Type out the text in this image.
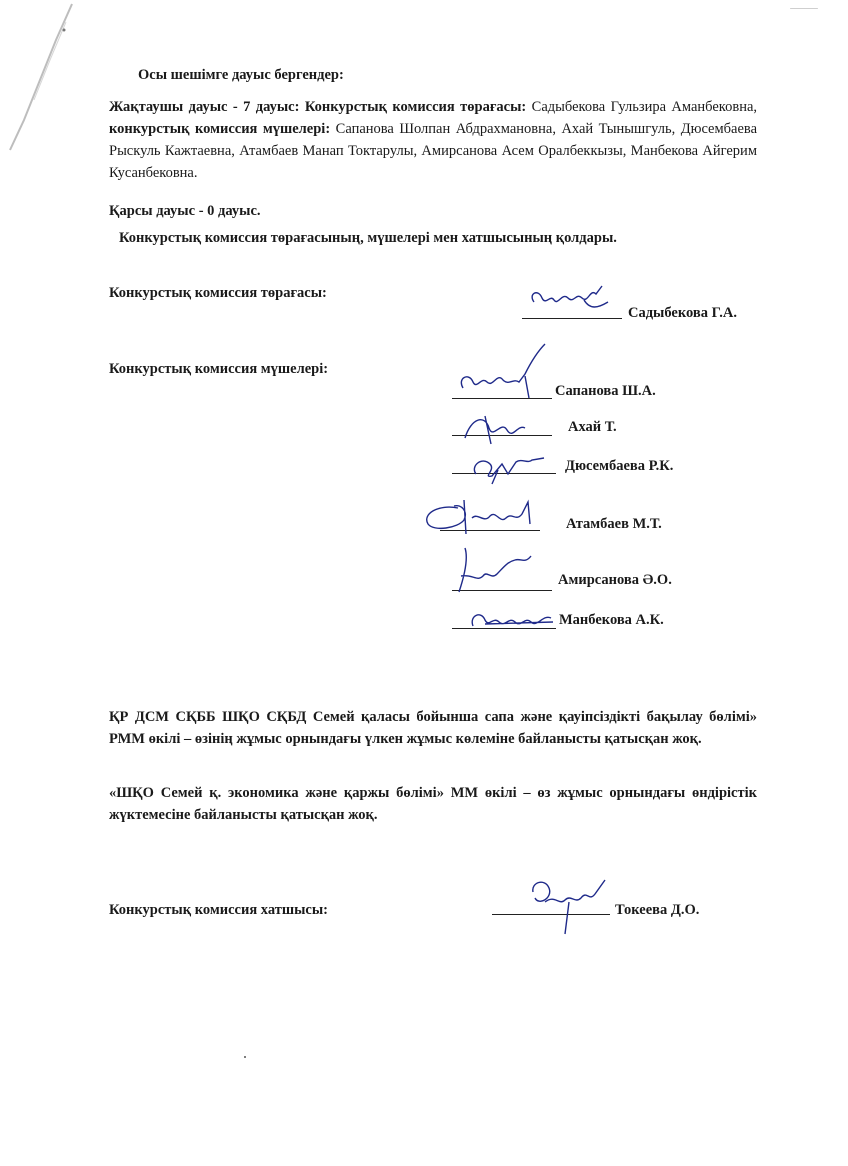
Осы шешімге дауыс бергендер:
Жақтаушы дауыс - 7 дауыс: Конкурстық комиссия төрағасы: Садыбекова Гульзира Аманбековна, конкурстық комиссия мүшелері: Сапанова Шолпан Абдрахмановна, Ахай Тынышгуль, Дюсембаева Рыскуль Кажтаевна, Атамбаев Манап Токтарулы, Амирсанова Асем Оралбеккызы, Манбекова Айгерим Кусанбековна.
Қарсы дауыс - 0 дауыс.
Конкурстық комиссия төрағасының, мүшелері мен хатшысының қолдары.
Конкурстық комиссия төрағасы:
Садыбекова Г.А.
Конкурстық комиссия мүшелері:
Сапанова Ш.А.
Ахай Т.
Дюсембаева Р.К.
Атамбаев М.Т.
Амирсанова Ә.О.
Манбекова А.К.
ҚР ДСМ СҚББ ШҚО СҚБД Семей қаласы бойынша сапа және қауіпсіздікті бақылау бөлімі» РММ өкілі – өзінің жұмыс орнындағы үлкен жұмыс көлеміне байланысты қатысқан жоқ.
«ШҚО Семей қ. экономика және қаржы бөлімі» ММ өкілі – өз жұмыс орнындағы өндірістік жүктемесіне байланысты қатысқан жоқ.
Конкурстық комиссия хатшысы:	Токеева Д.О.
